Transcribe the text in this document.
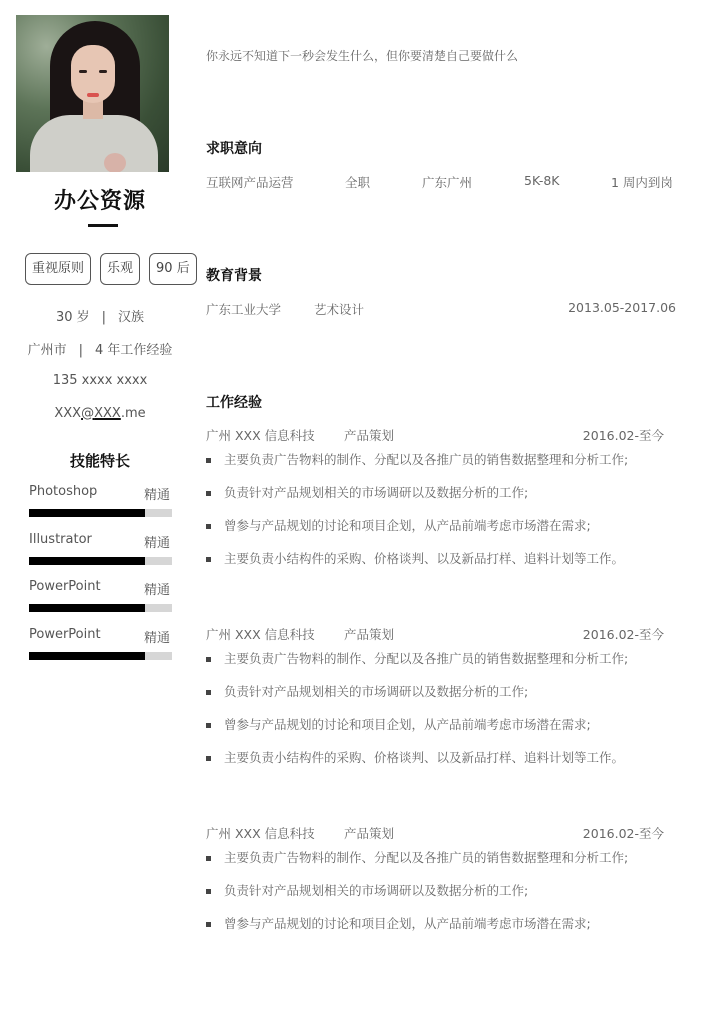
办公资源
重视原则	乐观	90 后
30 岁 | 汉族
广州市 | 4 年工作经验
135 xxxx xxxx
XXX@XXX.me
技能特长
Photoshop	精通
Illustrator	精通
PowerPoint	精通
PowerPoint	精通
你永远不知道下一秒会发生什么，但你要清楚自己要做什么
求职意向
互联网产品运营	全职	广东广州	5K-8K	1 周内到岗
教育背景
广东工业大学	艺术设计	2013.05-2017.06
工作经验
广州 XXX 信息科技 产品策划	2016.02-至今
主要负责广告物料的制作、分配以及各推广员的销售数据整理和分析工作;
负责针对产品规划相关的市场调研以及数据分析的工作;
曾参与产品规划的讨论和项目企划，从产品前端考虑市场潜在需求;
主要负责小结构件的采购、价格谈判、以及新品打样、追料计划等工作。
广州 XXX 信息科技 产品策划	2016.02-至今
主要负责广告物料的制作、分配以及各推广员的销售数据整理和分析工作;
负责针对产品规划相关的市场调研以及数据分析的工作;
曾参与产品规划的讨论和项目企划，从产品前端考虑市场潜在需求;
主要负责小结构件的采购、价格谈判、以及新品打样、追料计划等工作。
广州 XXX 信息科技 产品策划	2016.02-至今
主要负责广告物料的制作、分配以及各推广员的销售数据整理和分析工作;
负责针对产品规划相关的市场调研以及数据分析的工作;
曾参与产品规划的讨论和项目企划，从产品前端考虑市场潜在需求;
